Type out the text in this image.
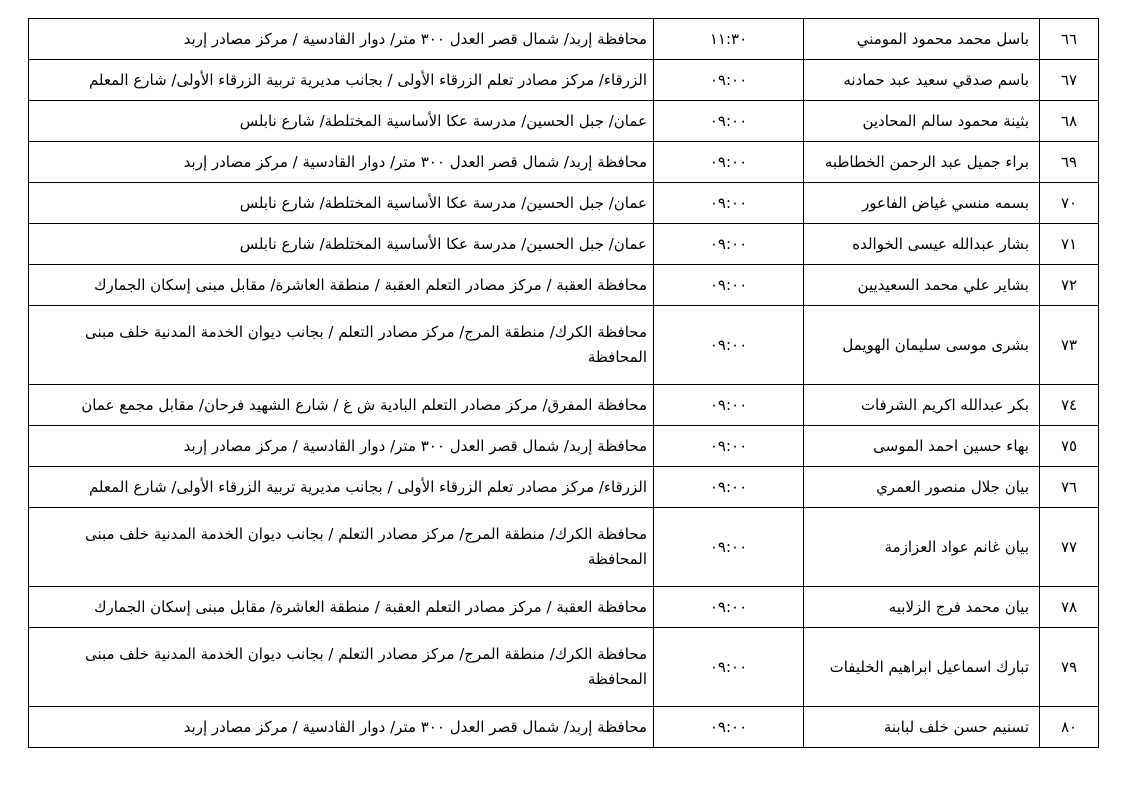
٦٦	باسل محمد محمود المومني	١١:٣٠	محافظة إربد/ شمال قصر العدل ٣٠٠ متر/ دوار القادسية / مركز مصادر إربد
٦٧	باسم صدقي سعيد عبد حمادنه	٠٩:٠٠	الزرقاء/ مركز مصادر تعلم الزرقاء الأولى / بجانب مديرية تربية الزرقاء الأولى/ شارع المعلم
٦٨	بثينة محمود سالم المحادين	٠٩:٠٠	عمان/ جبل الحسين/ مدرسة عكا الأساسية المختلطة/ شارع نابلس
٦٩	براء جميل عبد الرحمن الخطاطبه	٠٩:٠٠	محافظة إربد/ شمال قصر العدل ٣٠٠ متر/ دوار القادسية / مركز مصادر إربد
٧٠	بسمه منسي غياض الفاعور	٠٩:٠٠	عمان/ جبل الحسين/ مدرسة عكا الأساسية المختلطة/ شارع نابلس
٧١	بشار عبدالله عيسى الخوالده	٠٩:٠٠	عمان/ جبل الحسين/ مدرسة عكا الأساسية المختلطة/ شارع نابلس
٧٢	بشاير علي محمد السعيديين	٠٩:٠٠	محافظة العقبة / مركز مصادر التعلم العقبة / منطقة العاشرة/ مقابل مبنى إسكان الجمارك
٧٣	بشرى موسى سليمان الهويمل	٠٩:٠٠	محافظة الكرك/ منطقة المرج/ مركز مصادر التعلم / بجانب ديوان الخدمة المدنية خلف مبنى المحافظة
٧٤	بكر عبدالله اكريم الشرفات	٠٩:٠٠	محافظة المفرق/ مركز مصادر التعلم البادية ش غ / شارع الشهيد فرحان/ مقابل مجمع عمان
٧٥	بهاء حسين احمد الموسى	٠٩:٠٠	محافظة إربد/ شمال قصر العدل ٣٠٠ متر/ دوار القادسية / مركز مصادر إربد
٧٦	بيان جلال منصور العمري	٠٩:٠٠	الزرقاء/ مركز مصادر تعلم الزرقاء الأولى / بجانب مديرية تربية الزرقاء الأولى/ شارع المعلم
٧٧	بيان غانم عواد العزازمة	٠٩:٠٠	محافظة الكرك/ منطقة المرج/ مركز مصادر التعلم / بجانب ديوان الخدمة المدنية خلف مبنى المحافظة
٧٨	بيان محمد فرج الزلابيه	٠٩:٠٠	محافظة العقبة / مركز مصادر التعلم العقبة / منطقة العاشرة/ مقابل مبنى إسكان الجمارك
٧٩	تبارك اسماعيل ابراهيم الخليفات	٠٩:٠٠	محافظة الكرك/ منطقة المرج/ مركز مصادر التعلم / بجانب ديوان الخدمة المدنية خلف مبنى المحافظة
٨٠	تسنيم حسن خلف لبابنة	٠٩:٠٠	محافظة إربد/ شمال قصر العدل ٣٠٠ متر/ دوار القادسية / مركز مصادر إربد
